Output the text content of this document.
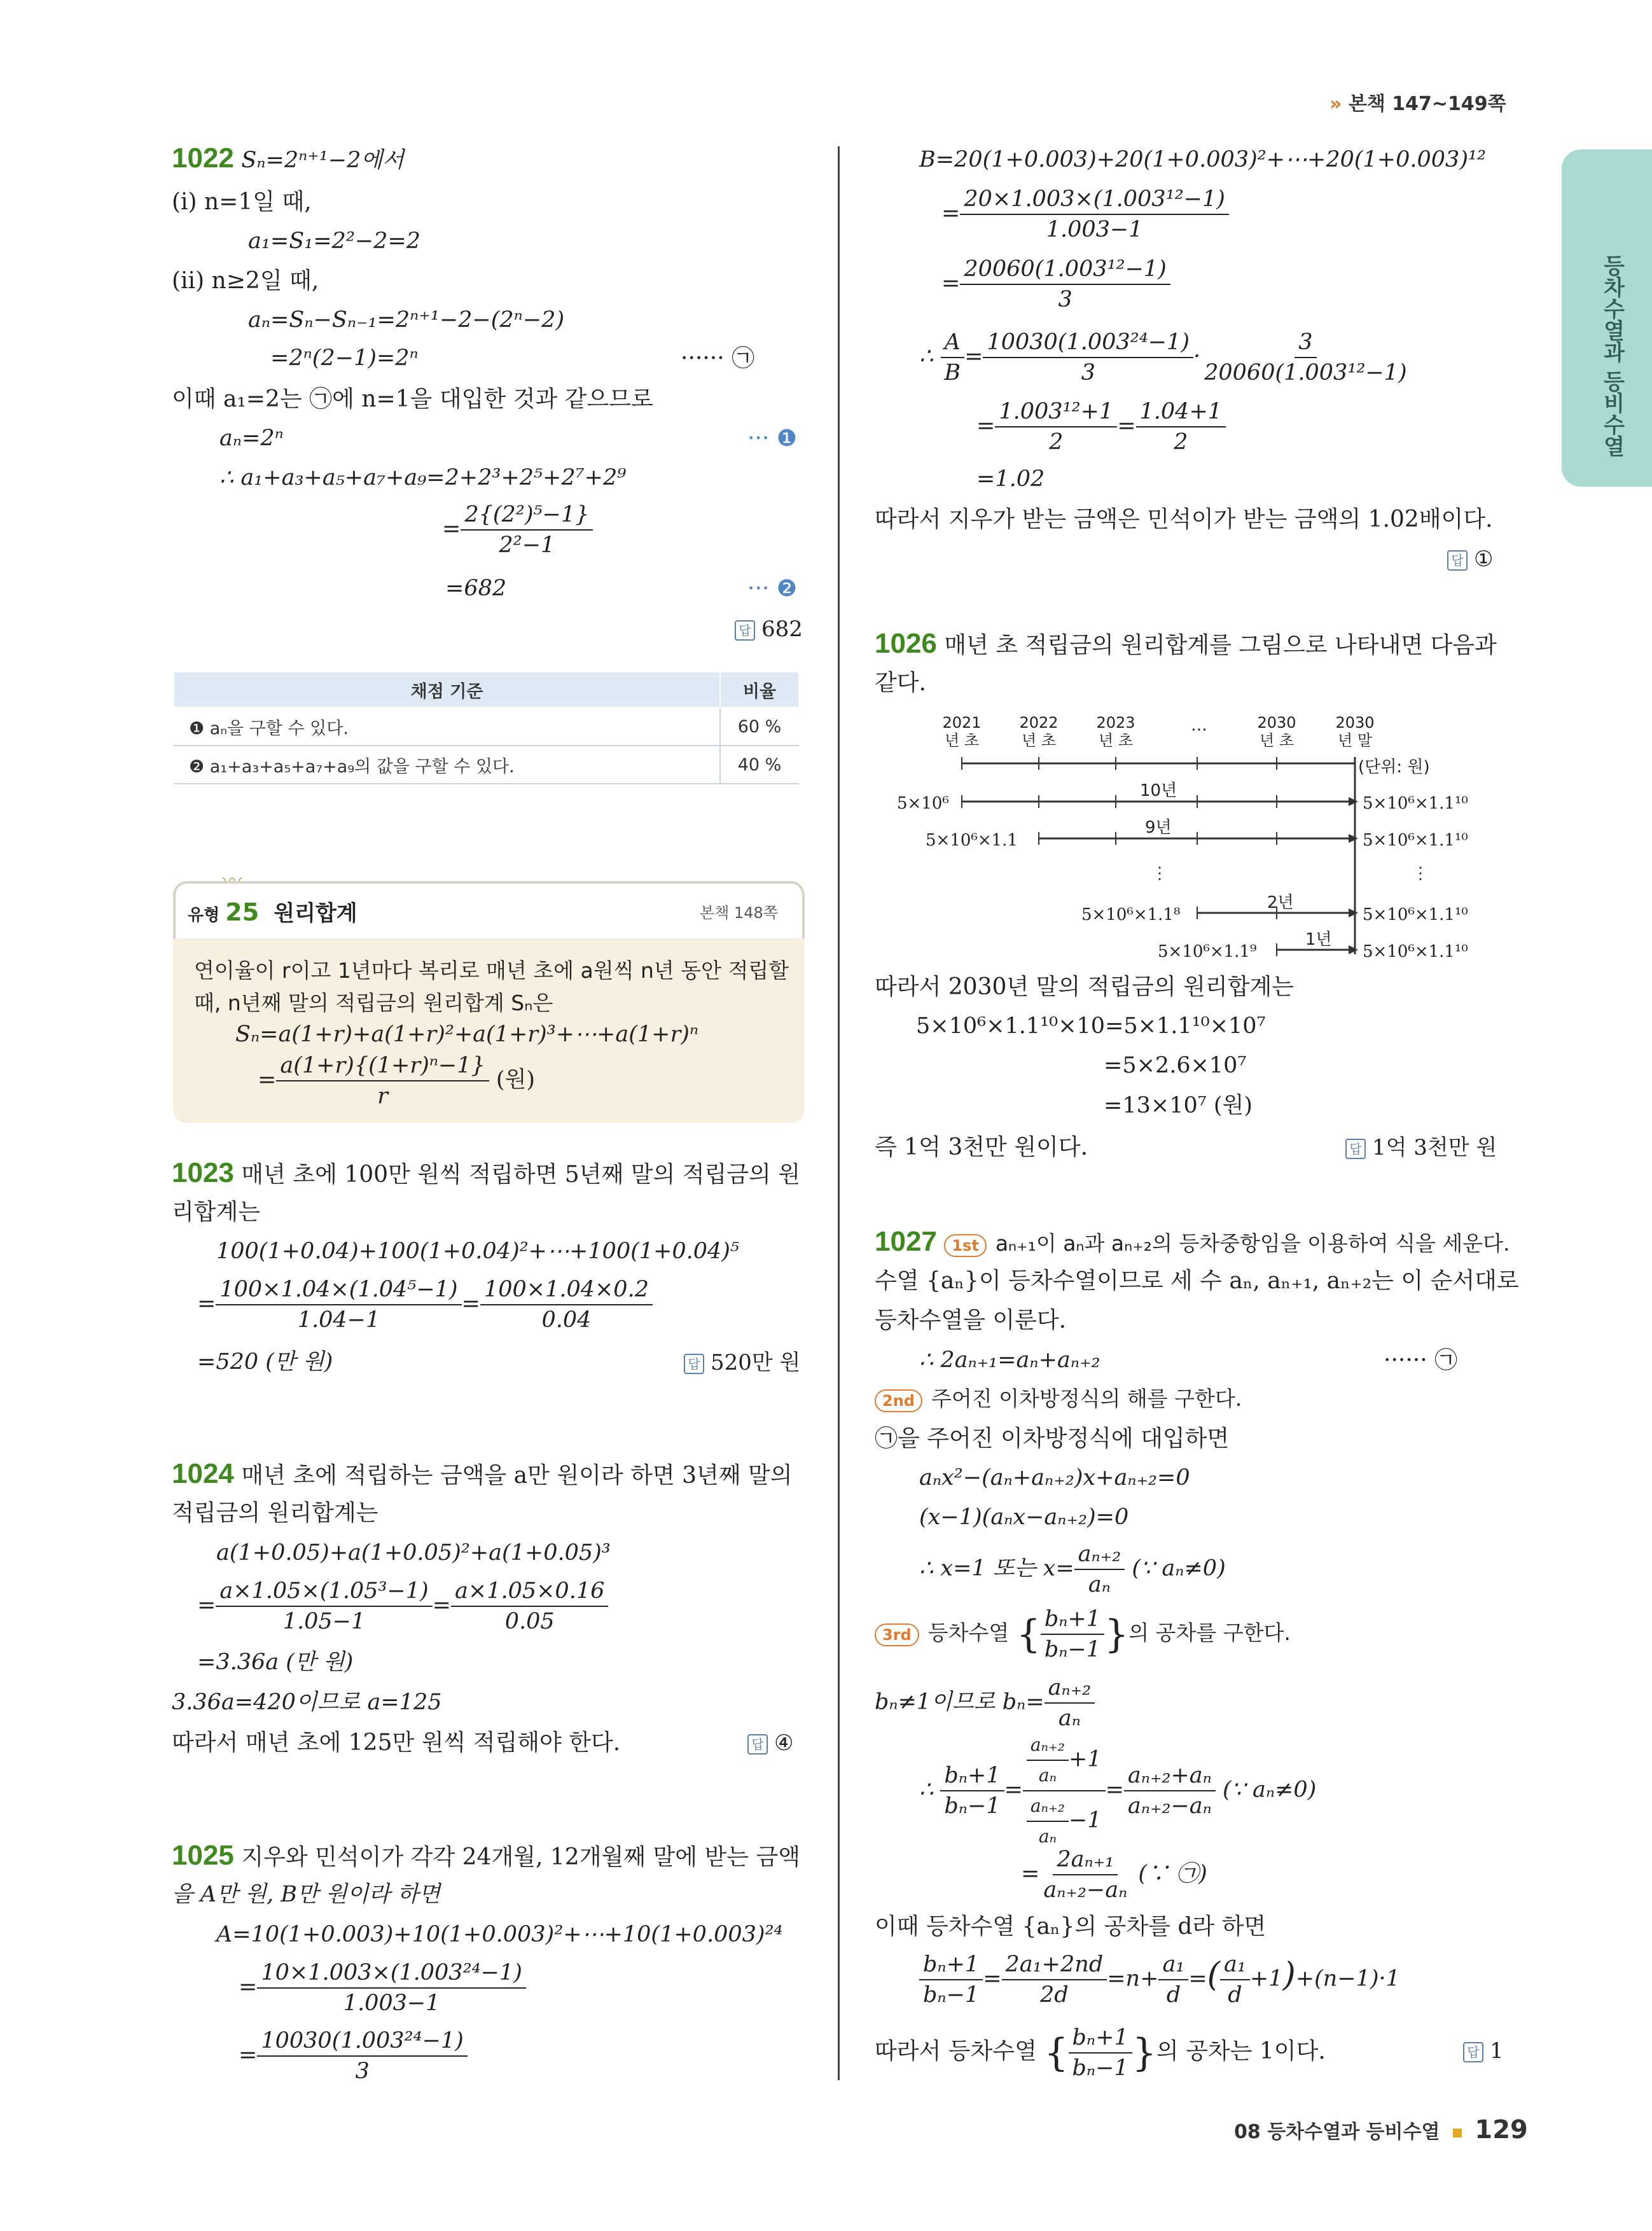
» 본책 147~149쪽
08
등차수열과 등비수열
1022 Sₙ=2ⁿ⁺¹−2에서
(i) n=1일 때,
a₁=S₁=2²−2=2
(ii) n≥2일 때,
aₙ=Sₙ−Sₙ₋₁=2ⁿ⁺¹−2−(2ⁿ−2)
=2ⁿ(2−1)=2ⁿ	······ ㉠
이때 a₁=2는 ㉠에 n=1을 대입한 것과 같으므로
aₙ=2ⁿ	··· ❶
∴ a₁+a₃+a₅+a₇+a₉=2+2³+2⁵+2⁷+2⁹
= $\frac{\text{2\{(2²)⁵−1\}}}{\text{2²−1}}$
=682	··· ❷
답 682
채점 기준	비율
❶ aₙ을 구할 수 있다.	60 %
❷ a₁+a₃+a₅+a₇+a₉의 값을 구할 수 있다.	40 %
유형 25 원리합계	본책 148쪽
연이율이 r이고 1년마다 복리로 매년 초에 a원씩 n년 동안 적립할
때, n년째 말의 적립금의 원리합계 Sₙ은
Sₙ=a(1+r)+a(1+r)²+a(1+r)³+⋯+a(1+r)ⁿ
= $\frac{\text{a(1+r)\{(1+r)ⁿ−1\}}}{r}$ (원)
1023 매년 초에 100만 원씩 적립하면 5년째 말의 적립금의 원
리합계는
100(1+0.04)+100(1+0.04)²+⋯+100(1+0.04)⁵
= $\frac{\text{100×1.04×(1.04⁵−1)}}{1.04-1} = \frac{100\times 1.04\times 0.2}{0.04}$
=520 (만 원)	답 520만 원
1024 매년 초에 적립하는 금액을 a만 원이라 하면 3년째 말의
적립금의 원리합계는
a(1+0.05)+a(1+0.05)²+a(1+0.05)³
= $\frac{\text{a×1.05×(1.05³−1)}}{1.05-1} = \frac{a\times 1.05\times 0.16}{0.05}$
=3.36a (만 원)
3.36a=420이므로 a=125
따라서 매년 초에 125만 원씩 적립해야 한다.	답 ④
1025 지우와 민석이가 각각 24개월, 12개월째 말에 받는 금액
을 A만 원, B만 원이라 하면
A=10(1+0.003)+10(1+0.003)²+⋯+10(1+0.003)²⁴
= $\frac{\text{10×1.003×(1.003²⁴−1)}}{1.003-1}$
= $\frac{\text{10030(1.003²⁴−1)}}{3}$
B=20(1+0.003)+20(1+0.003)²+⋯+20(1+0.003)¹²
= $\frac{\text{20×1.003×(1.003¹²−1)}}{1.003-1}$
= $\frac{\text{20060(1.003¹²−1)}}{3}$
∴ $\frac{A}{B} = \frac{\text{10030(1.003²⁴−1)}}{3} \cdot \frac{3}{\text{20060(1.003¹²−1)}}$
= $\frac{\text{1.003¹²+1}}{2} = \frac{1.04+1}{2}$
=1.02
따라서 지우가 받는 금액은 민석이가 받는 금액의 1.02배이다.
답 ①
1026 매년 초 적립금의 원리합계를 그림으로 나타내면 다음과
같다.
2021년 초
2022년 초
2023년 초
⋯	2030년 초
2030년 말
(단위: 원)
5×10⁶
5×10⁶×1.1
⋮
5×10⁶×1.1⁸
5×10⁶×1.1⁹
5×10⁶×1.1¹⁰
5×10⁶×1.1¹⁰
⋮
5×10⁶×1.1¹⁰
5×10⁶×1.1¹⁰
10년
9년
2년
1년
따라서 2030년 말의 적립금의 원리합계는
5×10⁶×1.1¹⁰×10=5×1.1¹⁰×10⁷
=5×2.6×10⁷
=13×10⁷ (원)
즉 1억 3천만 원이다.	답 1억 3천만 원
1027 1st aₙ₊₁이 aₙ과 aₙ₊₂의 등차중항임을 이용하여 식을 세운다.
수열 {aₙ}이 등차수열이므로 세 수 aₙ, aₙ₊₁, aₙ₊₂는 이 순서대로
등차수열을 이룬다.
∴ 2aₙ₊₁=aₙ+aₙ₊₂	······ ㉠
2nd 주어진 이차방정식의 해를 구한다.
㉠을 주어진 이차방정식에 대입하면
aₙx²−(aₙ+aₙ₊₂)x+aₙ₊₂=0
(x−1)(aₙx−aₙ₊₂)=0
∴ x=1 또는 $x= \frac{\text{aₙ₊₂}}{\text{aₙ}}$ (∵ aₙ≠0)
3rd 등차수열 { $\frac{\text{bₙ+1}}{\text{bₙ−1}}$ }의 공차를 구한다.
bₙ≠1이므로 $b_n= \frac{\text{aₙ₊₂}}{\text{aₙ}}$
∴ $\frac{\text{bₙ+1}}{\text{bₙ−1}} = \frac{\frac{\text{aₙ₊₂}}{\text{aₙ}} +1}{\frac{\text{aₙ₊₂}}{\text{aₙ}} -1} = \frac{\text{aₙ₊₂+aₙ}}{\text{aₙ₊₂−aₙ}}$ (∵ aₙ≠0)
= $\frac{\text{2aₙ₊₁}}{\text{aₙ₊₂−aₙ}}$ (∵ ㉠)
이때 등차수열 {aₙ}의 공차를 d라 하면
$\frac{\text{bₙ+1}}{\text{bₙ−1}} = \frac{\text{2a₁+2nd}}{2d} =n+ \frac{\text{a₁}}{d}$ =( $\frac{\text{a₁}}{d} +1)+(n-1)\cdot 1$
따라서 등차수열 { $\frac{\text{bₙ+1}}{\text{bₙ−1}}$ }의 공차는 1이다.	답 1
08 등차수열과 등비수열 129
